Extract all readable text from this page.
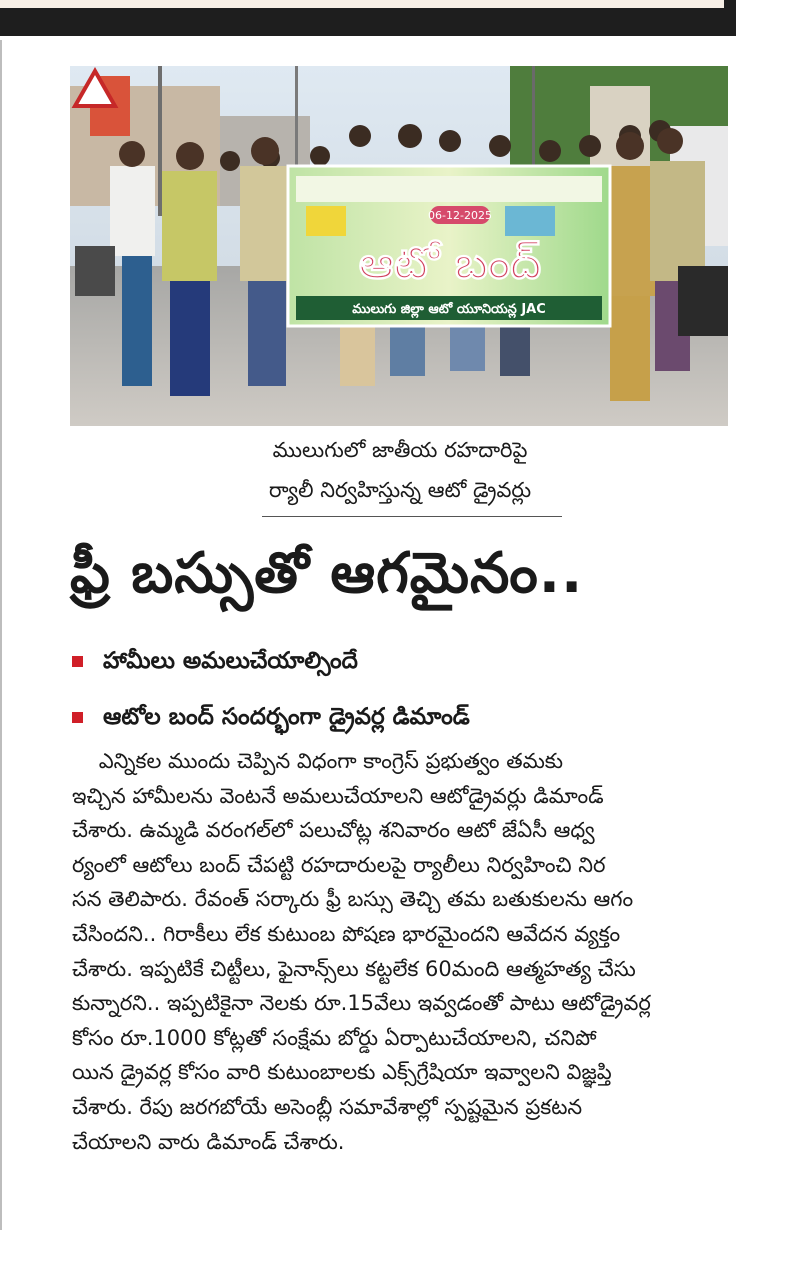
06-12-2025
ఆటో బంద్
ములుగు జిల్లా ఆటో యూనియన్ల JAC
ములుగులో జాతీయ రహదారిపై
ర్యాలీ నిర్వహిస్తున్న ఆటో డ్రైవర్లు
ఫ్రీ బస్సుతో ఆగమైనం..
హామీలు అమలుచేయాల్సిందే
ఆటోల బంద్ సందర్భంగా డ్రైవర్ల డిమాండ్
ఎన్నికల ముందు చెప్పిన విధంగా కాంగ్రెస్ ప్రభుత్వం తమకు
ఇచ్చిన హామీలను వెంటనే అమలుచేయాలని ఆటోడ్రైవర్లు డిమాండ్
చేశారు. ఉమ్మడి వరంగల్‌లో పలుచోట్ల శనివారం ఆటో జేఏసీ ఆధ్వ
ర్యంలో ఆటోలు బంద్ చేపట్టి రహదారులపై ర్యాలీలు నిర్వహించి నిర
సన తెలిపారు. రేవంత్ సర్కారు ఫ్రీ బస్సు తెచ్చి తమ బతుకులను ఆగం
చేసిందని.. గిరాకీలు లేక కుటుంబ పోషణ భారమైందని ఆవేదన వ్యక్తం
చేశారు. ఇప్పటికే చిట్టీలు, ఫైనాన్స్‌లు కట్టలేక 60మంది ఆత్మహత్య చేసు
కున్నారని.. ఇప్పటికైనా నెలకు రూ.15వేలు ఇవ్వడంతో పాటు ఆటోడ్రైవర్ల
కోసం రూ.1000 కోట్లతో సంక్షేమ బోర్డు ఏర్పాటుచేయాలని, చనిపో
యిన డ్రైవర్ల కోసం వారి కుటుంబాలకు ఎక్స్‌గ్రేషియా ఇవ్వాలని విజ్ఞప్తి
చేశారు. రేపు జరగబోయే అసెంబ్లీ సమావేశాల్లో స్పష్టమైన ప్రకటన
చేయాలని వారు డిమాండ్ చేశారు.
